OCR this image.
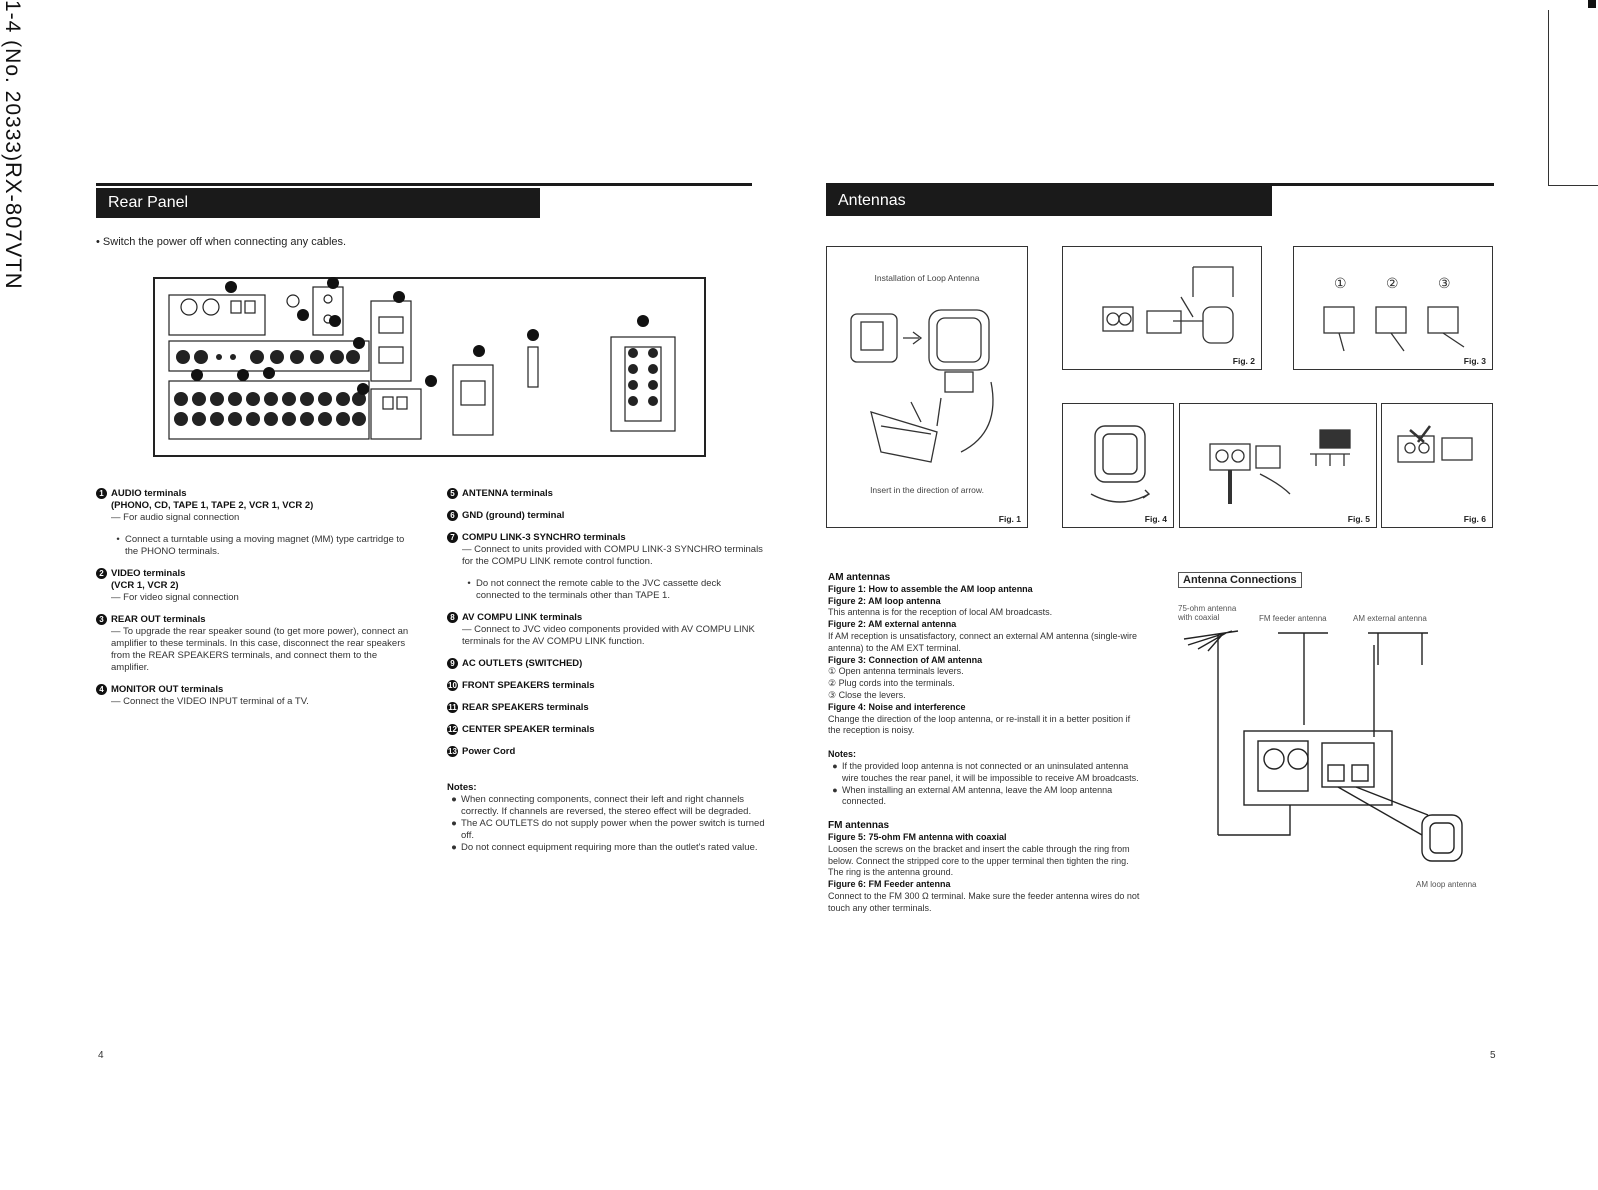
1-4 (No. 20333)
RX-807VTN	Rear Panel
• Switch the power off when connecting any cables.
1 AUDIO terminals
(PHONO, CD, TAPE 1, TAPE 2, VCR 1, VCR 2)
— For audio signal connection
• Connect a turntable using a moving magnet (MM) type cartridge to the PHONO terminals.
2 VIDEO terminals
(VCR 1, VCR 2)
— For video signal connection
3 REAR OUT terminals
— To upgrade the rear speaker sound (to get more power), connect an amplifier to these terminals. In this case, disconnect the rear speakers from the REAR SPEAKERS terminals, and connect them to the amplifier.
4 MONITOR OUT terminals
— Connect the VIDEO INPUT terminal of a TV.
5 ANTENNA terminals
6 GND (ground) terminal
7 COMPU LINK-3 SYNCHRO terminals
— Connect to units provided with COMPU LINK-3 SYNCHRO terminals for the COMPU LINK remote control function.
• Do not connect the remote cable to the JVC cassette deck connected to the terminals other than TAPE 1.
8 AV COMPU LINK terminals
— Connect to JVC video components provided with AV COMPU LINK terminals for the AV COMPU LINK function.
9 AC OUTLETS (SWITCHED)
10 FRONT SPEAKERS terminals
11 REAR SPEAKERS terminals
12 CENTER SPEAKER terminals
13 Power Cord
Notes:
● When connecting components, connect their left and right channels correctly. If channels are reversed, the stereo effect will be degraded.
● The AC OUTLETS do not supply power when the power switch is turned off.
● Do not connect equipment requiring more than the outlet's rated value.
4
Antennas
Installation of Loop Antenna
Insert in the direction of arrow.
Fig. 1
Fig. 2
①	②	③
Fig. 3
Fig. 4	Fig. 5	Fig. 6
AM antennas
Figure 1: How to assemble the AM loop antenna
Figure 2: AM loop antenna
This antenna is for the reception of local AM broadcasts.
Figure 2: AM external antenna
If AM reception is unsatisfactory, connect an external AM antenna (single-wire antenna) to the AM EXT terminal.
Figure 3: Connection of AM antenna
① Open antenna terminals levers.
② Plug cords into the terminals.
③ Close the levers.
Figure 4: Noise and interference
Change the direction of the loop antenna, or re-install it in a better position if the reception is noisy.
Notes:
● If the provided loop antenna is not connected or an uninsulated antenna wire touches the rear panel, it will be impossible to receive AM broadcasts.
● When installing an external AM antenna, leave the AM loop antenna connected.
FM antennas
Figure 5: 75-ohm FM antenna with coaxial
Loosen the screws on the bracket and insert the cable through the ring from below. Connect the stripped core to the upper terminal then tighten the ring. The ring is the antenna ground.
Figure 6: FM Feeder antenna
Connect to the FM 300 Ω terminal. Make sure the feeder antenna wires do not touch any other terminals.
Antenna Connections
75-ohm antenna with coaxial	FM feeder antenna	AM external antenna
AM loop antenna
5
